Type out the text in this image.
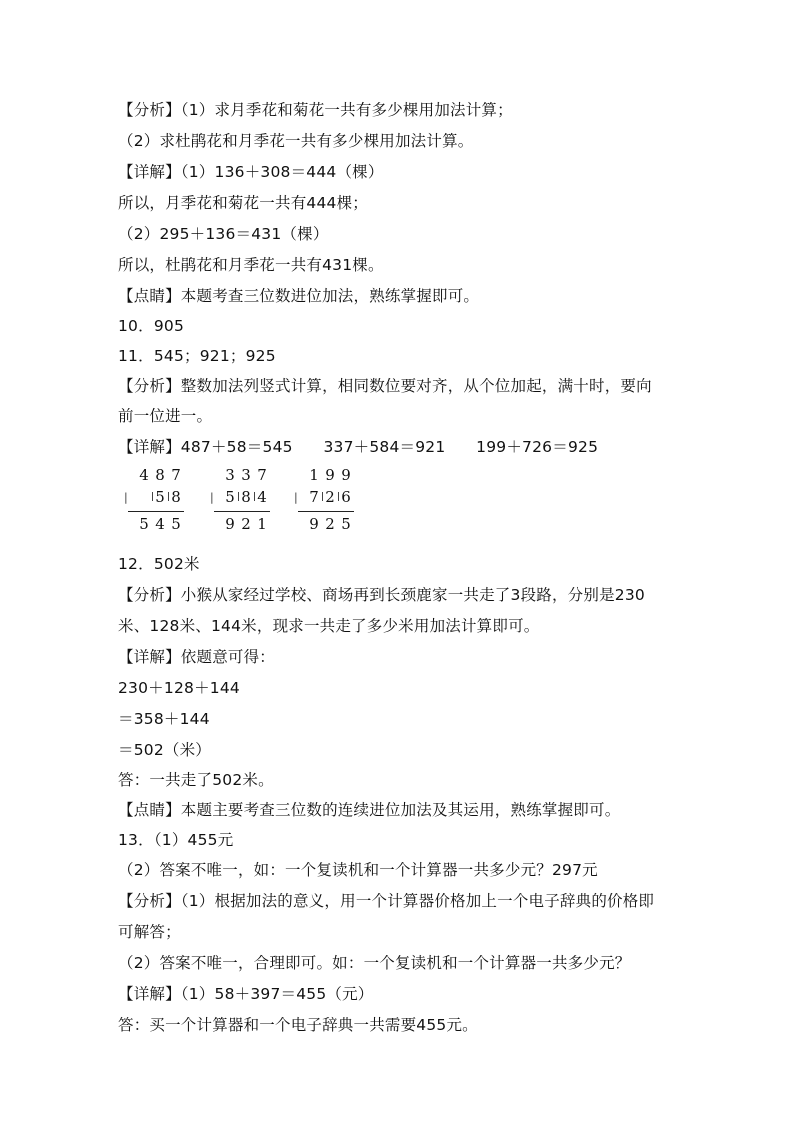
【分析】（1）求月季花和菊花一共有多少棵用加法计算；
（2）求杜鹃花和月季花一共有多少棵用加法计算。
【详解】（1）136＋308＝444（棵）
所以，月季花和菊花一共有444棵；
（2）295＋136＝431（棵）
所以，杜鹃花和月季花一共有431棵。
【点睛】本题考查三位数进位加法，熟练掌握即可。
10．905
11．545；921；925
【分析】整数加法列竖式计算，相同数位要对齐，从个位加起，满十时，要向
前一位进一。
【详解】487＋58＝545      337＋584＝921      199＋726＝925
4 8 7
| 5 8
5 4 5
3 3 7
| 5 8 4
9 2 1
1 9 9
| 7 2 6
9 2 5
12．502米
【分析】小猴从家经过学校、商场再到长颈鹿家一共走了3段路，分别是230
米、128米、144米，现求一共走了多少米用加法计算即可。
【详解】依题意可得：
230＋128＋144
＝358＋144
＝502（米）
答：一共走了502米。
【点睛】本题主要考查三位数的连续进位加法及其运用，熟练掌握即可。
13．（1）455元
（2）答案不唯一，如：一个复读机和一个计算器一共多少元？297元
【分析】（1）根据加法的意义，用一个计算器价格加上一个电子辞典的价格即
可解答；
（2）答案不唯一，合理即可。如：一个复读机和一个计算器一共多少元？
【详解】（1）58＋397＝455（元）
答：买一个计算器和一个电子辞典一共需要455元。
